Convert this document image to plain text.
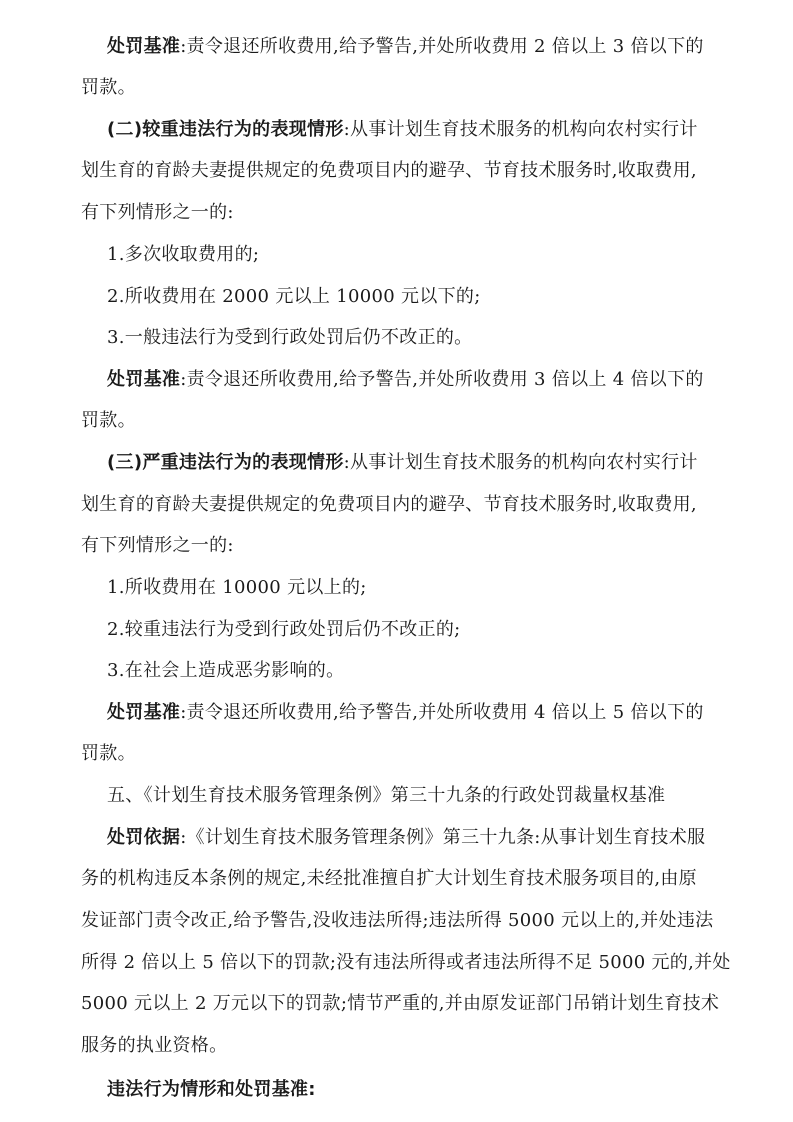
处罚基准:责令退还所收费用,给予警告,并处所收费用 2 倍以上 3 倍以下的
罚款。
(二)较重违法行为的表现情形:从事计划生育技术服务的机构向农村实行计
划生育的育龄夫妻提供规定的免费项目内的避孕、节育技术服务时,收取费用,
有下列情形之一的:
1.多次收取费用的;
2.所收费用在 2000 元以上 10000 元以下的;
3.一般违法行为受到行政处罚后仍不改正的。
处罚基准:责令退还所收费用,给予警告,并处所收费用 3 倍以上 4 倍以下的
罚款。
(三)严重违法行为的表现情形:从事计划生育技术服务的机构向农村实行计
划生育的育龄夫妻提供规定的免费项目内的避孕、节育技术服务时,收取费用,
有下列情形之一的:
1.所收费用在 10000 元以上的;
2.较重违法行为受到行政处罚后仍不改正的;
3.在社会上造成恶劣影响的。
处罚基准:责令退还所收费用,给予警告,并处所收费用 4 倍以上 5 倍以下的
罚款。
五、《计划生育技术服务管理条例》第三十九条的行政处罚裁量权基准
处罚依据:《计划生育技术服务管理条例》第三十九条:从事计划生育技术服
务的机构违反本条例的规定,未经批准擅自扩大计划生育技术服务项目的,由原
发证部门责令改正,给予警告,没收违法所得;违法所得 5000 元以上的,并处违法
所得 2 倍以上 5 倍以下的罚款;没有违法所得或者违法所得不足 5000 元的,并处
5000 元以上 2 万元以下的罚款;情节严重的,并由原发证部门吊销计划生育技术
服务的执业资格。
违法行为情形和处罚基准:
